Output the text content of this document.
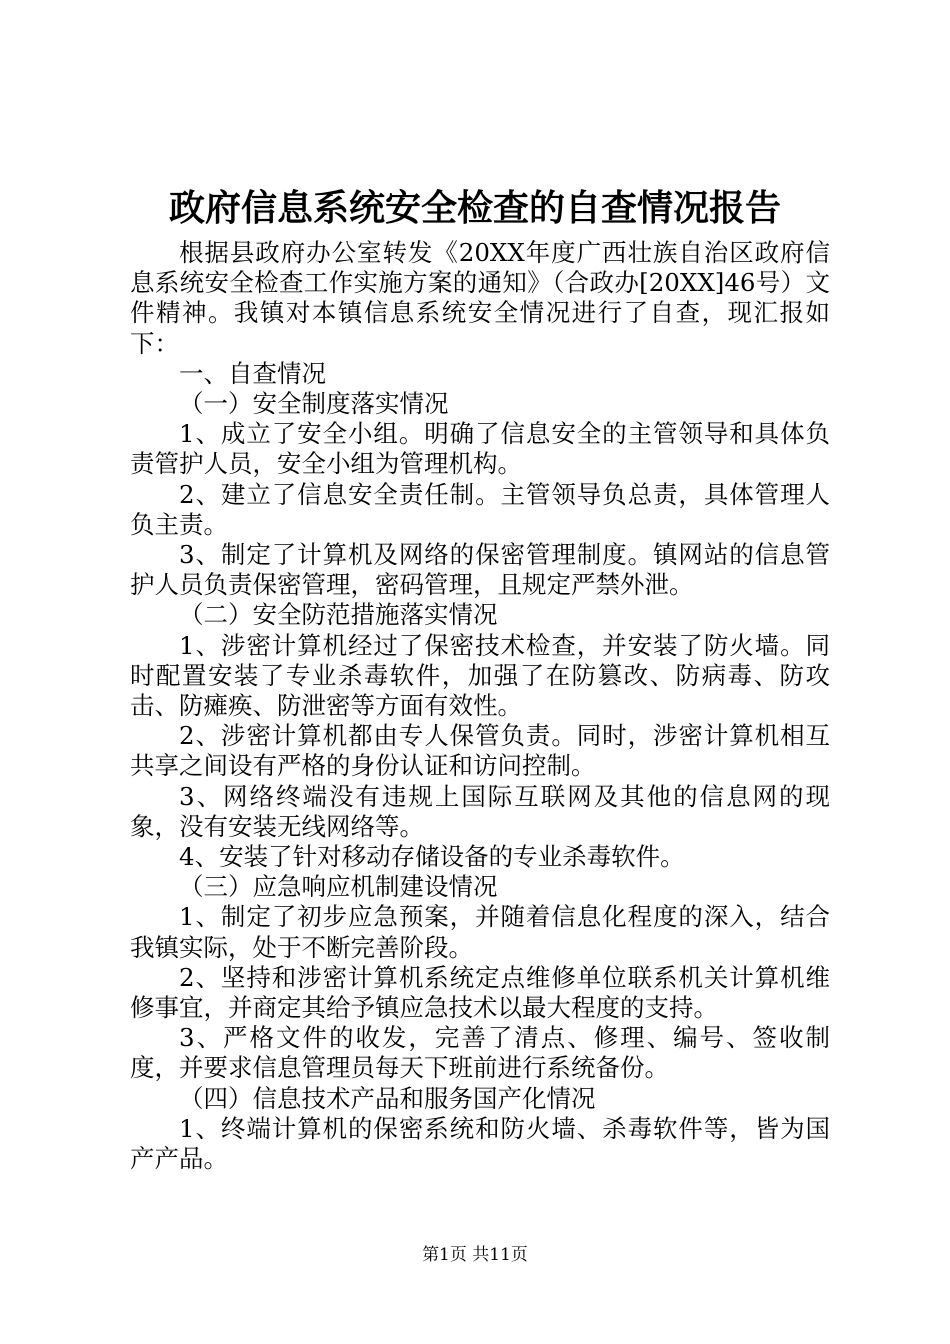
政府信息系统安全检查的自查情况报告

根据县政府办公室转发《20XX年度广西壮族自治区政府信息系统安全检查工作实施方案的通知》（合政办[20XX]46号）文件精神。我镇对本镇信息系统安全情况进行了自查，现汇报如下：

一、自查情况

（一）安全制度落实情况

1、成立了安全小组。明确了信息安全的主管领导和具体负责管护人员，安全小组为管理机构。

2、建立了信息安全责任制。主管领导负总责，具体管理人负主责。

3、制定了计算机及网络的保密管理制度。镇网站的信息管护人员负责保密管理，密码管理，且规定严禁外泄。

（二）安全防范措施落实情况

1、涉密计算机经过了保密技术检查，并安装了防火墙。同时配置安装了专业杀毒软件，加强了在防篡改、防病毒、防攻击、防瘫痪、防泄密等方面有效性。

2、涉密计算机都由专人保管负责。同时，涉密计算机相互共享之间设有严格的身份认证和访问控制。

3、网络终端没有违规上国际互联网及其他的信息网的现象，没有安装无线网络等。

4、安装了针对移动存储设备的专业杀毒软件。

（三）应急响应机制建设情况

1、制定了初步应急预案，并随着信息化程度的深入，结合我镇实际，处于不断完善阶段。

2、坚持和涉密计算机系统定点维修单位联系机关计算机维修事宜，并商定其给予镇应急技术以最大程度的支持。

3、严格文件的收发，完善了清点、修理、编号、签收制度，并要求信息管理员每天下班前进行系统备份。

（四）信息技术产品和服务国产化情况

1、终端计算机的保密系统和防火墙、杀毒软件等，皆为国产产品。

第1页 共11页
